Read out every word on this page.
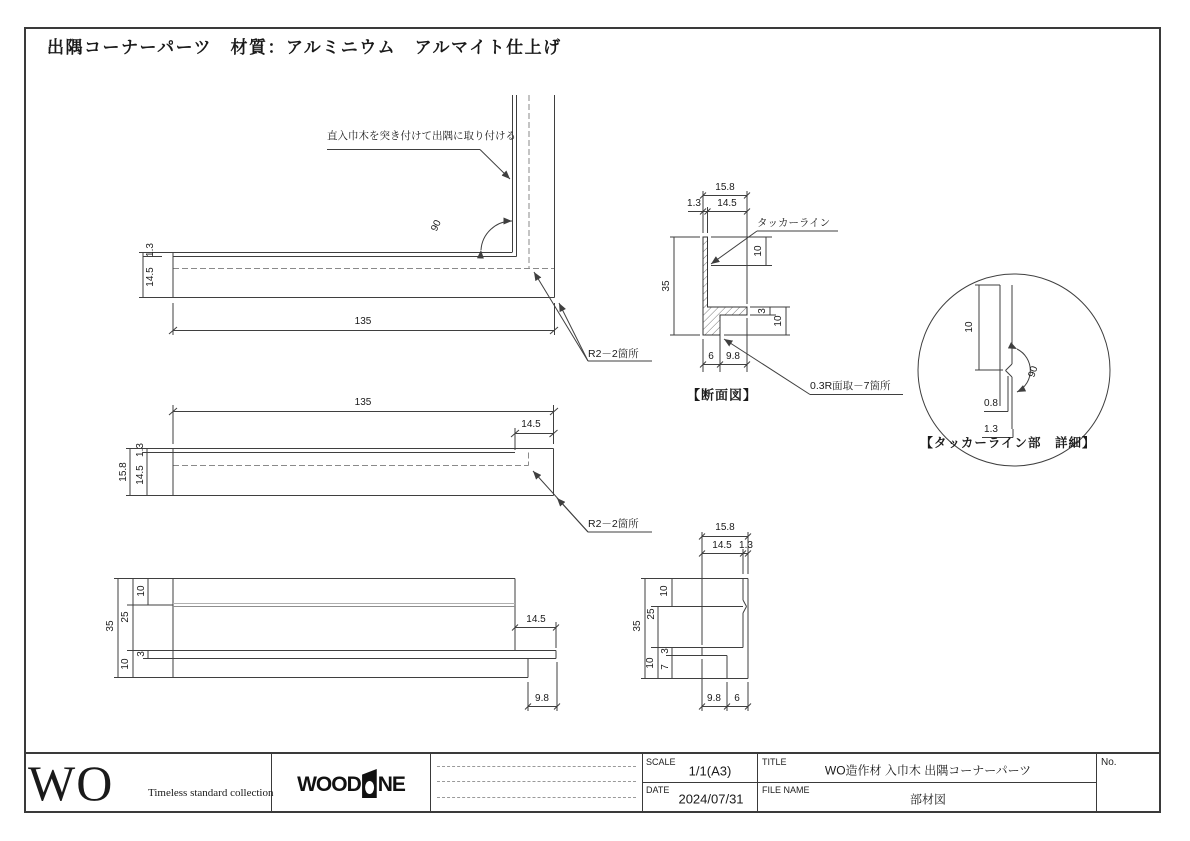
出隅コーナーパーツ　材質：アルミニウム　アルマイト仕上げ
直入巾木を突き付けて出隅に取り付ける
90
1.3
14.5
135
R2－2箇所
135
14.5
15.8
1.3
14.5
R2－2箇所
15.8
1.3 14.5
35
10
3
10
6 9.8
タッカーライン
0.3R面取－7箇所
【断面図】
10
90
0.8
1.3
【タッカーライン部　詳細】
35
10
25
3
10
14.5
9.8
15.8
14.5 1.3
35
10
25
3
7
10
9.8 6
WOOD NE
SCALE
1/1(A3)
DATE
2024/07/31
TITLE
WO造作材 入巾木 出隅コーナーパーツ
FILE NAME
部材図
No.
WO	Timeless standard collection
